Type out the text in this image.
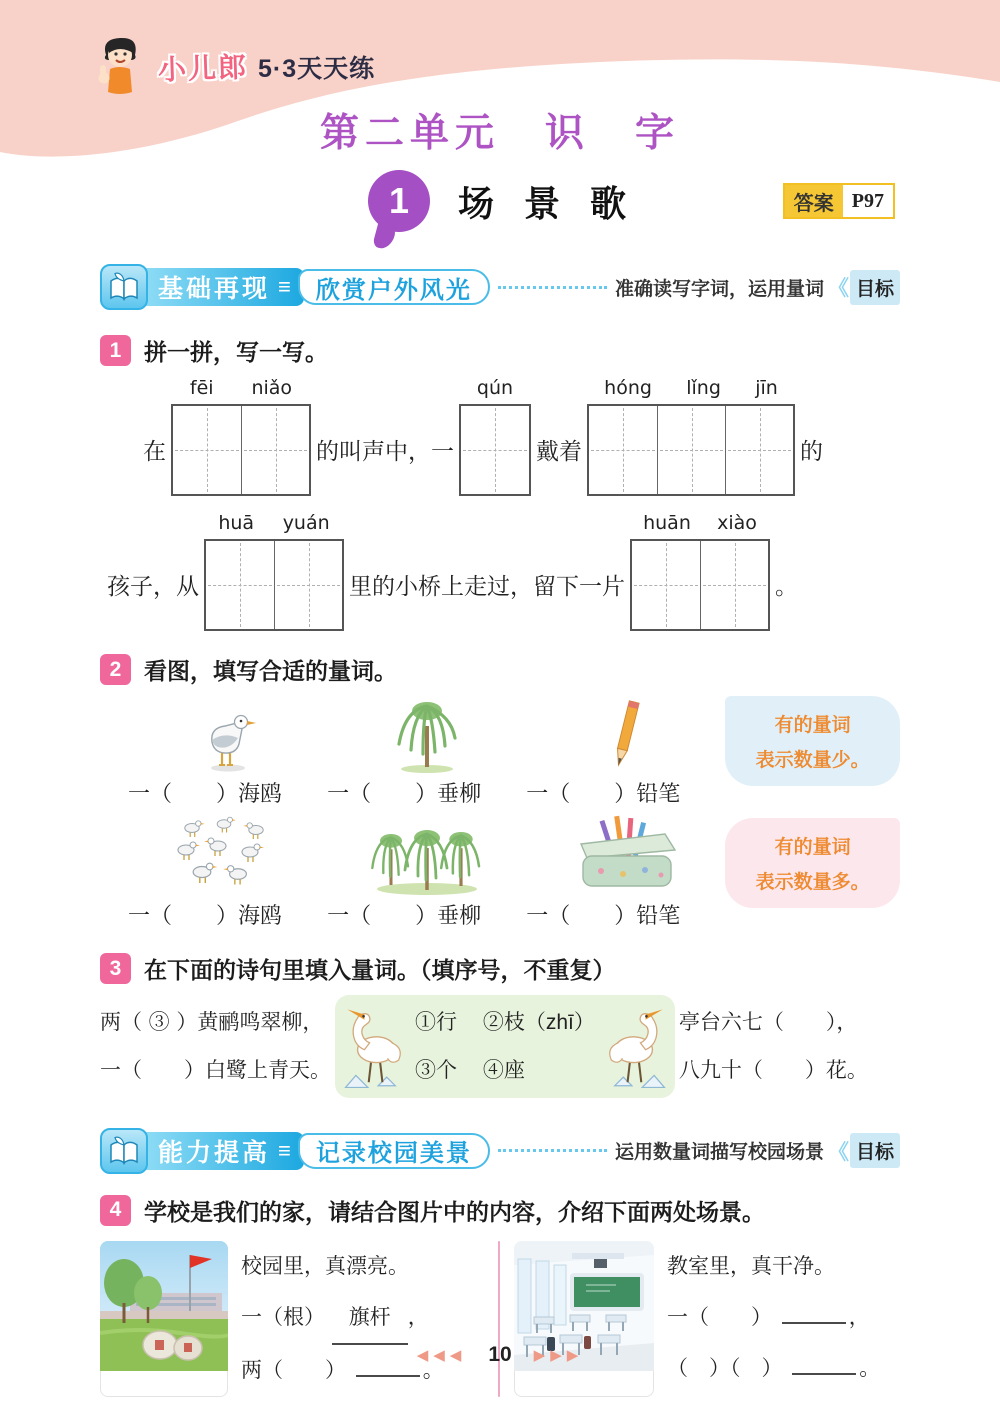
小儿郎 5·3天天练
第二单元　识　字
1 场景歌	答案 P97
基础再现
≡ 欣赏户外风光	准确读写字词，运用量词 《 目标
1 拼一拼，写一写。
在
fēi niǎo
的叫声中，一
qún
戴着
hóng lǐng jīn
的
孩子，从
huā yuán
里的小桥上走过，留下一片
huān xiào
。
2 看图，填写合适的量词。
一（　　）海鸥	一（　　）垂柳	一（　　）铅笔
有的量词
表示数量少。
一（　　）海鸥	一（　　）垂柳	一（　　）铅笔
有的量词
表示数量多。
3 在下面的诗句里填入量词。（填序号，不重复）
两（ ③ ）黄鹂鸣翠柳，
一（　　）白鹭上青天。
①行 ②枝（zhī）
③个 ④座
亭台六七（　　），
八九十（　　）花。
能力提高
≡ 记录校园美景	运用数量词描写校园场景 《 目标
4 学校是我们的家，请结合图片中的内容，介绍下面两处场景。
校园里，真漂亮。
一（根） 旗杆 ，
两（　　）	。
教室里，真干净。
一（　　）	，
（　）（　）	。
◀◀◀ 10 ▶▶▶
